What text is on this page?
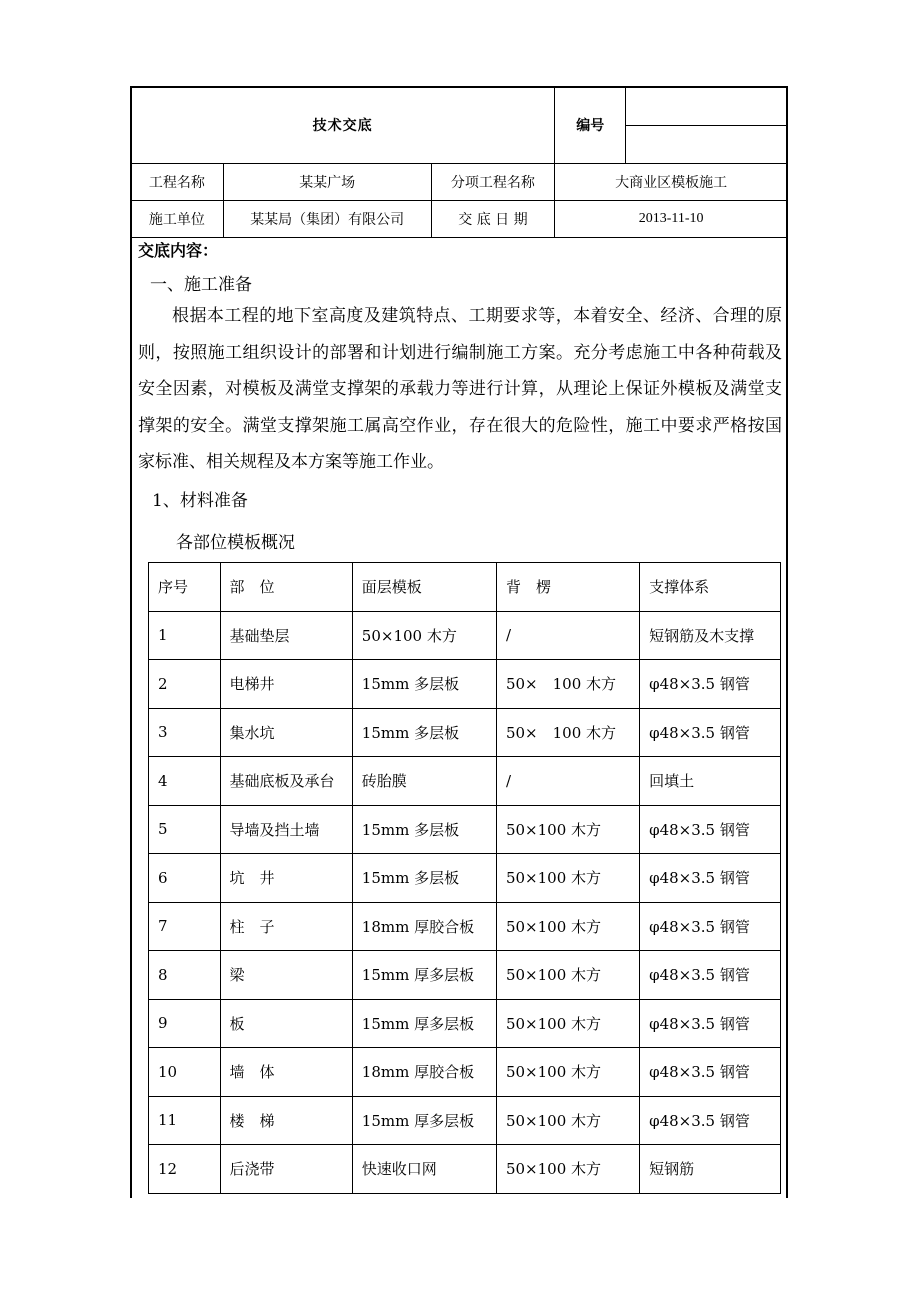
技术交底			编号	

工程名称	某某广场	分项工程名称	大商业区模板施工	
施工单位	某某局（集团）有限公司	交 底 日 期	2013-11-10	
交底内容：
一、施工准备
根据本工程的地下室高度及建筑特点、工期要求等，本着安全、经济、合理的原则，按照施工组织设计的部署和计划进行编制施工方案。充分考虑施工中各种荷载及安全因素，对模板及满堂支撑架的承载力等进行计算，从理论上保证外模板及满堂支撑架的安全。满堂支撑架施工属高空作业，存在很大的危险性，施工中要求严格按国家标准、相关规程及本方案等施工作业。
1、材料准备
各部位模板概况
序号	部　位	面层模板	背　楞	支撑体系
1	基础垫层	50×100 木方	/	短钢筋及木支撑
2	电梯井	15mm 多层板	50×　100 木方	φ48×3.5 钢管
3	集水坑	15mm 多层板	50×　100 木方	φ48×3.5 钢管
4	基础底板及承台	砖胎膜	/	回填土
5	导墙及挡土墙	15mm 多层板	50×100 木方	φ48×3.5 钢管
6	坑　井	15mm 多层板	50×100 木方	φ48×3.5 钢管
7	柱　子	18mm 厚胶合板	50×100 木方	φ48×3.5 钢管
8	梁	15mm 厚多层板	50×100 木方	φ48×3.5 钢管
9	板	15mm 厚多层板	50×100 木方	φ48×3.5 钢管
10	墙　体	18mm 厚胶合板	50×100 木方	φ48×3.5 钢管
11	楼　梯	15mm 厚多层板	50×100 木方	φ48×3.5 钢管
12	后浇带	快速收口网	50×100 木方	短钢筋
